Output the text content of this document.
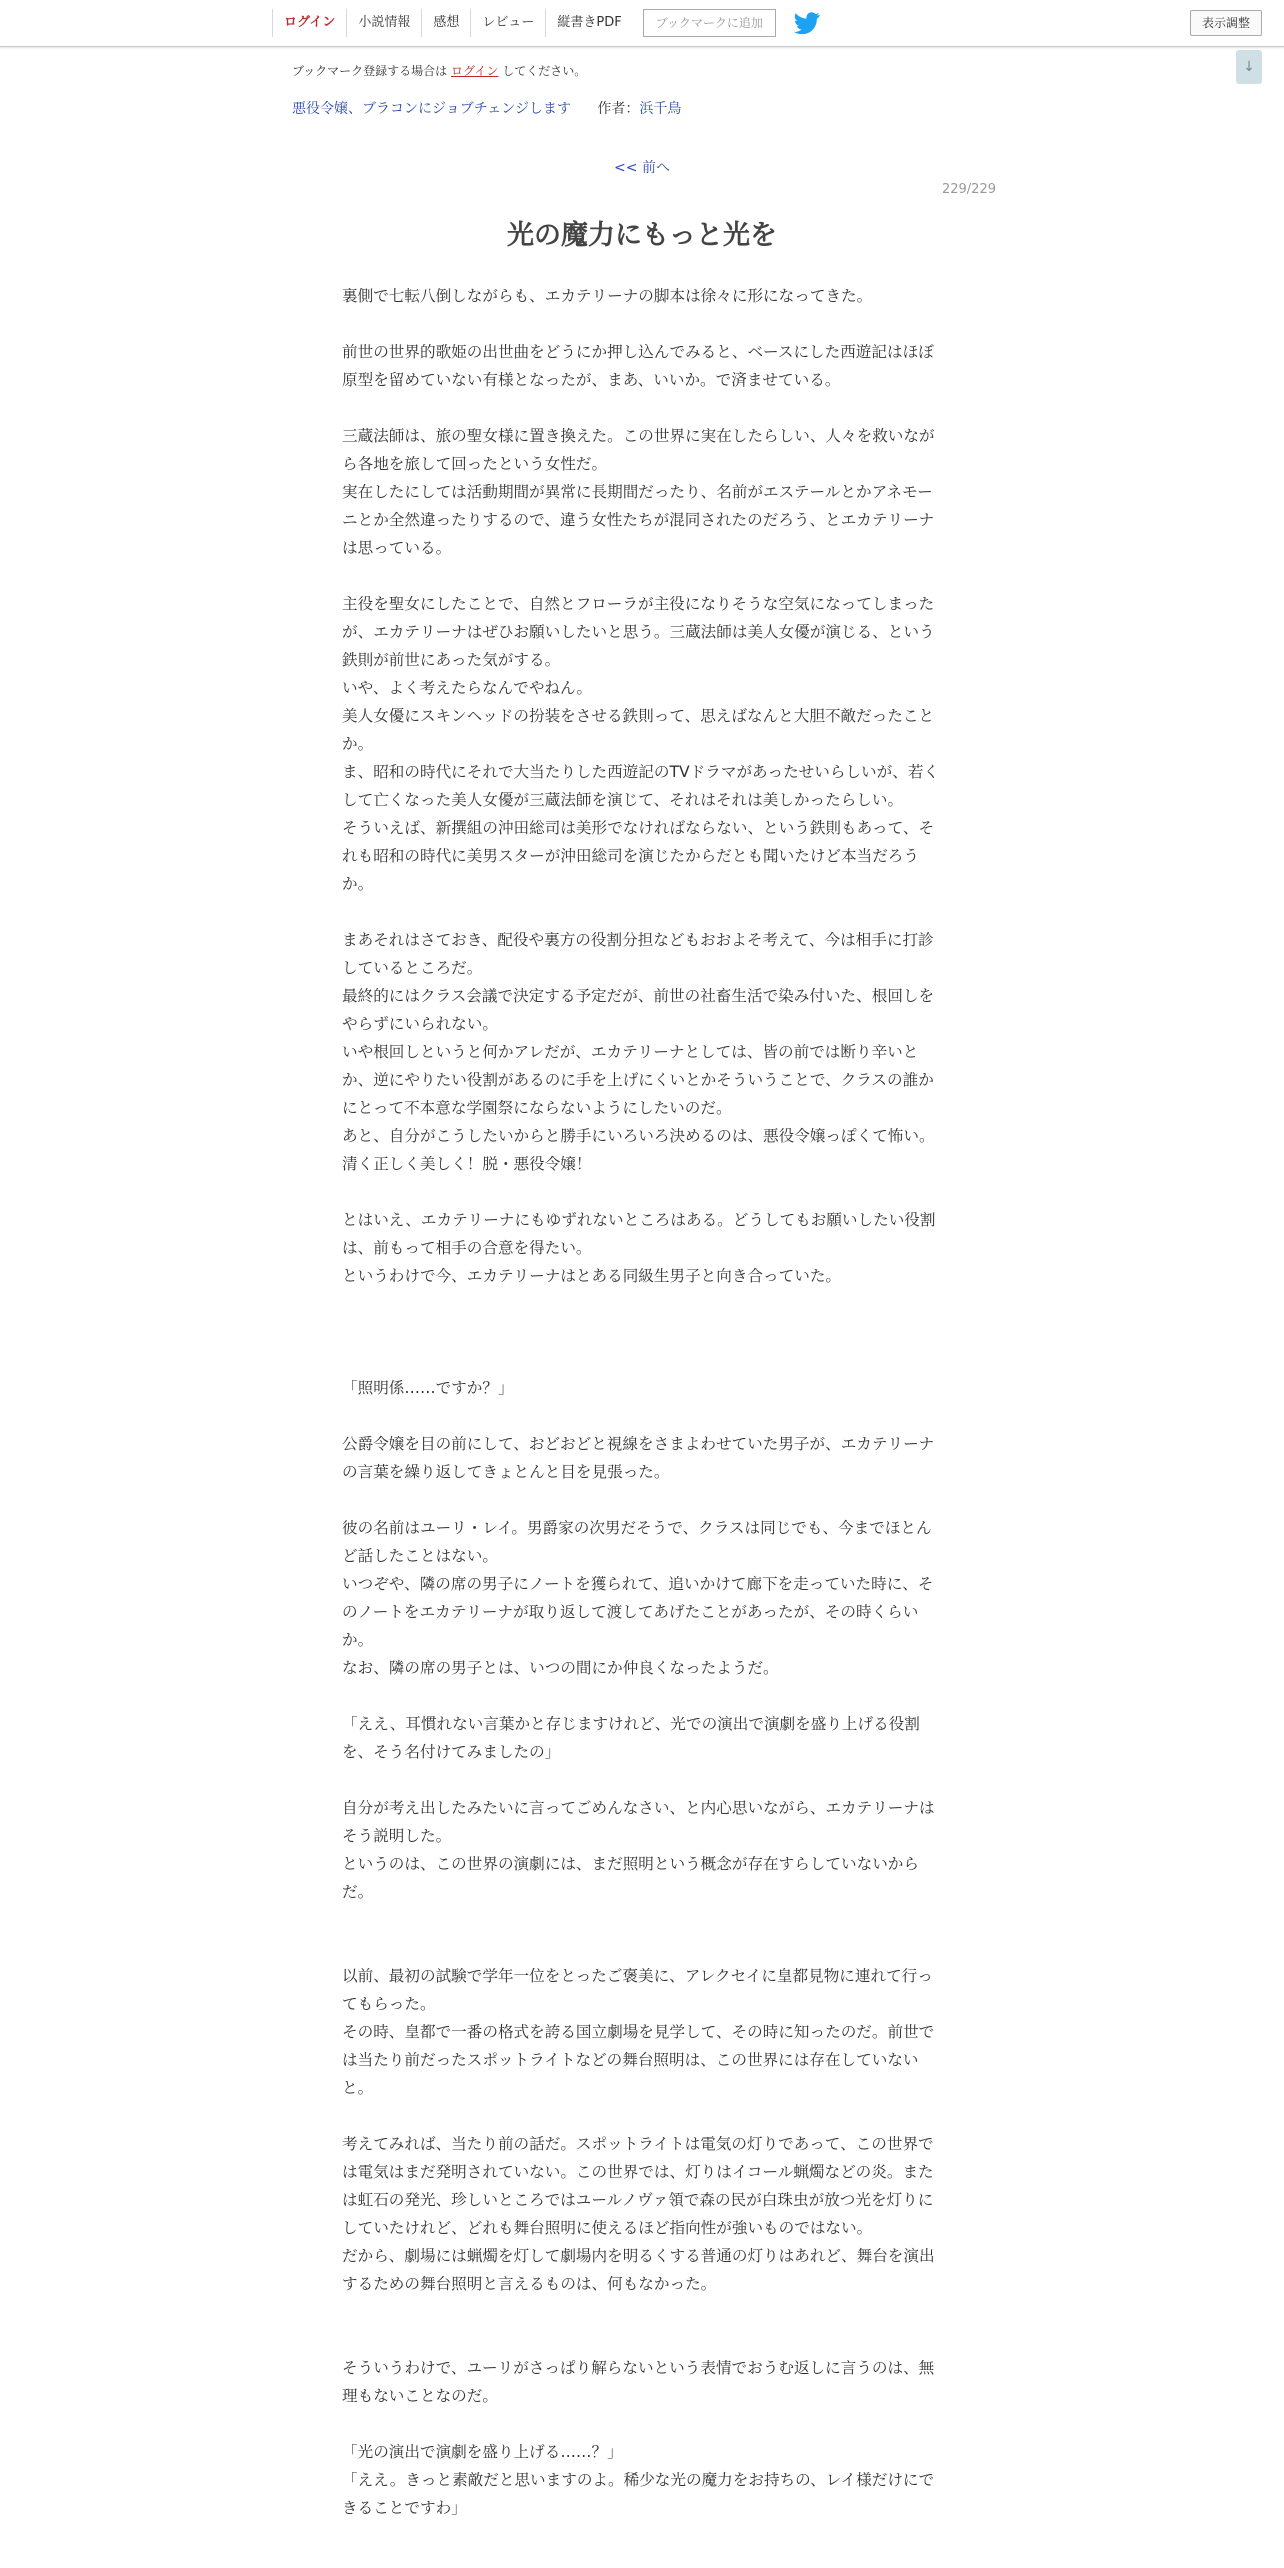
ログイン	小説情報	感想	レビュー	縦書きPDF	ブックマークに追加	表示調整
↓
ブックマーク登録する場合は ログイン してください。
悪役令嬢、ブラコンにジョブチェンジします 作者：浜千鳥
<< 前へ
229/229
光の魔力にもっと光を

裏側で七転八倒しながらも、エカテリーナの脚本は徐々に形になってきた。

前世の世界的歌姫の出世曲をどうにか押し込んでみると、ベースにした西遊記はほぼ原型を留めていない有様となったが、まあ、いいか。で済ませている。

三蔵法師は、旅の聖女様に置き換えた。この世界に実在したらしい、人々を救いながら各地を旅して回ったという女性だ。

実在したにしては活動期間が異常に長期間だったり、名前がエステールとかアネモーニとか全然違ったりするので、違う女性たちが混同されたのだろう、とエカテリーナは思っている。

主役を聖女にしたことで、自然とフローラが主役になりそうな空気になってしまったが、エカテリーナはぜひお願いしたいと思う。三蔵法師は美人女優が演じる、という鉄則が前世にあった気がする。

いや、よく考えたらなんでやねん。

美人女優にスキンヘッドの扮装をさせる鉄則って、思えばなんと大胆不敵だったことか。

ま、昭和の時代にそれで大当たりした西遊記のTVドラマがあったせいらしいが、若くして亡くなった美人女優が三蔵法師を演じて、それはそれは美しかったらしい。

そういえば、新撰組の沖田総司は美形でなければならない、という鉄則もあって、それも昭和の時代に美男スターが沖田総司を演じたからだとも聞いたけど本当だろうか。

まあそれはさておき、配役や裏方の役割分担などもおおよそ考えて、今は相手に打診しているところだ。

最終的にはクラス会議で決定する予定だが、前世の社畜生活で染み付いた、根回しをやらずにいられない。

いや根回しというと何かアレだが、エカテリーナとしては、皆の前では断り辛いとか、逆にやりたい役割があるのに手を上げにくいとかそういうことで、クラスの誰かにとって不本意な学園祭にならないようにしたいのだ。

あと、自分がこうしたいからと勝手にいろいろ決めるのは、悪役令嬢っぽくて怖い。

清く正しく美しく！脱・悪役令嬢！

とはいえ、エカテリーナにもゆずれないところはある。どうしてもお願いしたい役割は、前もって相手の合意を得たい。

というわけで今、エカテリーナはとある同級生男子と向き合っていた。

「照明係……ですか？」

公爵令嬢を目の前にして、おどおどと視線をさまよわせていた男子が、エカテリーナの言葉を繰り返してきょとんと目を見張った。

彼の名前はユーリ・レイ。男爵家の次男だそうで、クラスは同じでも、今までほとんど話したことはない。

いつぞや、隣の席の男子にノートを獲られて、追いかけて廊下を走っていた時に、そのノートをエカテリーナが取り返して渡してあげたことがあったが、その時くらいか。

なお、隣の席の男子とは、いつの間にか仲良くなったようだ。

「ええ、耳慣れない言葉かと存じますけれど、光での演出で演劇を盛り上げる役割を、そう名付けてみましたの」

自分が考え出したみたいに言ってごめんなさい、と内心思いながら、エカテリーナはそう説明した。

というのは、この世界の演劇には、まだ照明という概念が存在すらしていないからだ。

以前、最初の試験で学年一位をとったご褒美に、アレクセイに皇都見物に連れて行ってもらった。

その時、皇都で一番の格式を誇る国立劇場を見学して、その時に知ったのだ。前世では当たり前だったスポットライトなどの舞台照明は、この世界には存在していないと。

考えてみれば、当たり前の話だ。スポットライトは電気の灯りであって、この世界では電気はまだ発明されていない。この世界では、灯りはイコール蝋燭などの炎。または虹石の発光、珍しいところではユールノヴァ領で森の民が白珠虫が放つ光を灯りにしていたけれど、どれも舞台照明に使えるほど指向性が強いものではない。

だから、劇場には蝋燭を灯して劇場内を明るくする普通の灯りはあれど、舞台を演出するための舞台照明と言えるものは、何もなかった。

そういうわけで、ユーリがさっぱり解らないという表情でおうむ返しに言うのは、無理もないことなのだ。

「光の演出で演劇を盛り上げる……？」

「ええ。きっと素敵だと思いますのよ。稀少な光の魔力をお持ちの、レイ様だけにできることですわ」
